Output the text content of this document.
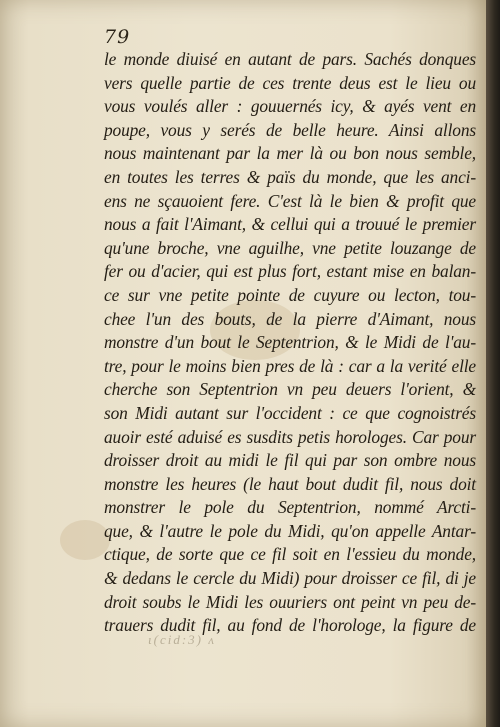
79
le monde diuisé en autant de pars. Sachés donques
vers quelle partie de ces trente deus est le lieu ou
vous voulés aller : gouuernés icy, & ayés vent en
poupe, vous y serés de belle heure. Ainsi allons
nous maintenant par la mer là ou bon nous semble,
en toutes les terres & païs du monde, que les anci-
ens ne sçauoient fere. C'est là le bien & profit que
nous a fait l'Aimant, & cellui qui a trouué le premier
qu'une broche, vne aguilhe, vne petite louzange de
fer ou d'acier, qui est plus fort, estant mise en balan-
ce sur vne petite pointe de cuyure ou lecton, tou-
chee l'un des bouts, de la pierre d'Aimant, nous
monstre d'un bout le Septentrion, & le Midi de l'au-
tre, pour le moins bien pres de là : car a la verité elle
cherche son Septentrion vn peu deuers l'orient, &
son Midi autant sur l'occident : ce que cognoistrés
auoir esté aduisé es susdits petis horologes. Car pour
droisser droit au midi le fil qui par son ombre nous
monstre les heures (le haut bout dudit fil, nous doit
monstrer le pole du Septentrion, nommé Arcti-
que, & l'autre le pole du Midi, qu'on appelle Antar-
ctique, de sorte que ce fil soit en l'essieu du monde,
& dedans le cercle du Midi) pour droisser ce fil, di je
droit soubs le Midi les ouuriers ont peint vn peu de-
trauers dudit fil, au fond de l'horologe, la figure de
ɩ(cid:3) ʌ
